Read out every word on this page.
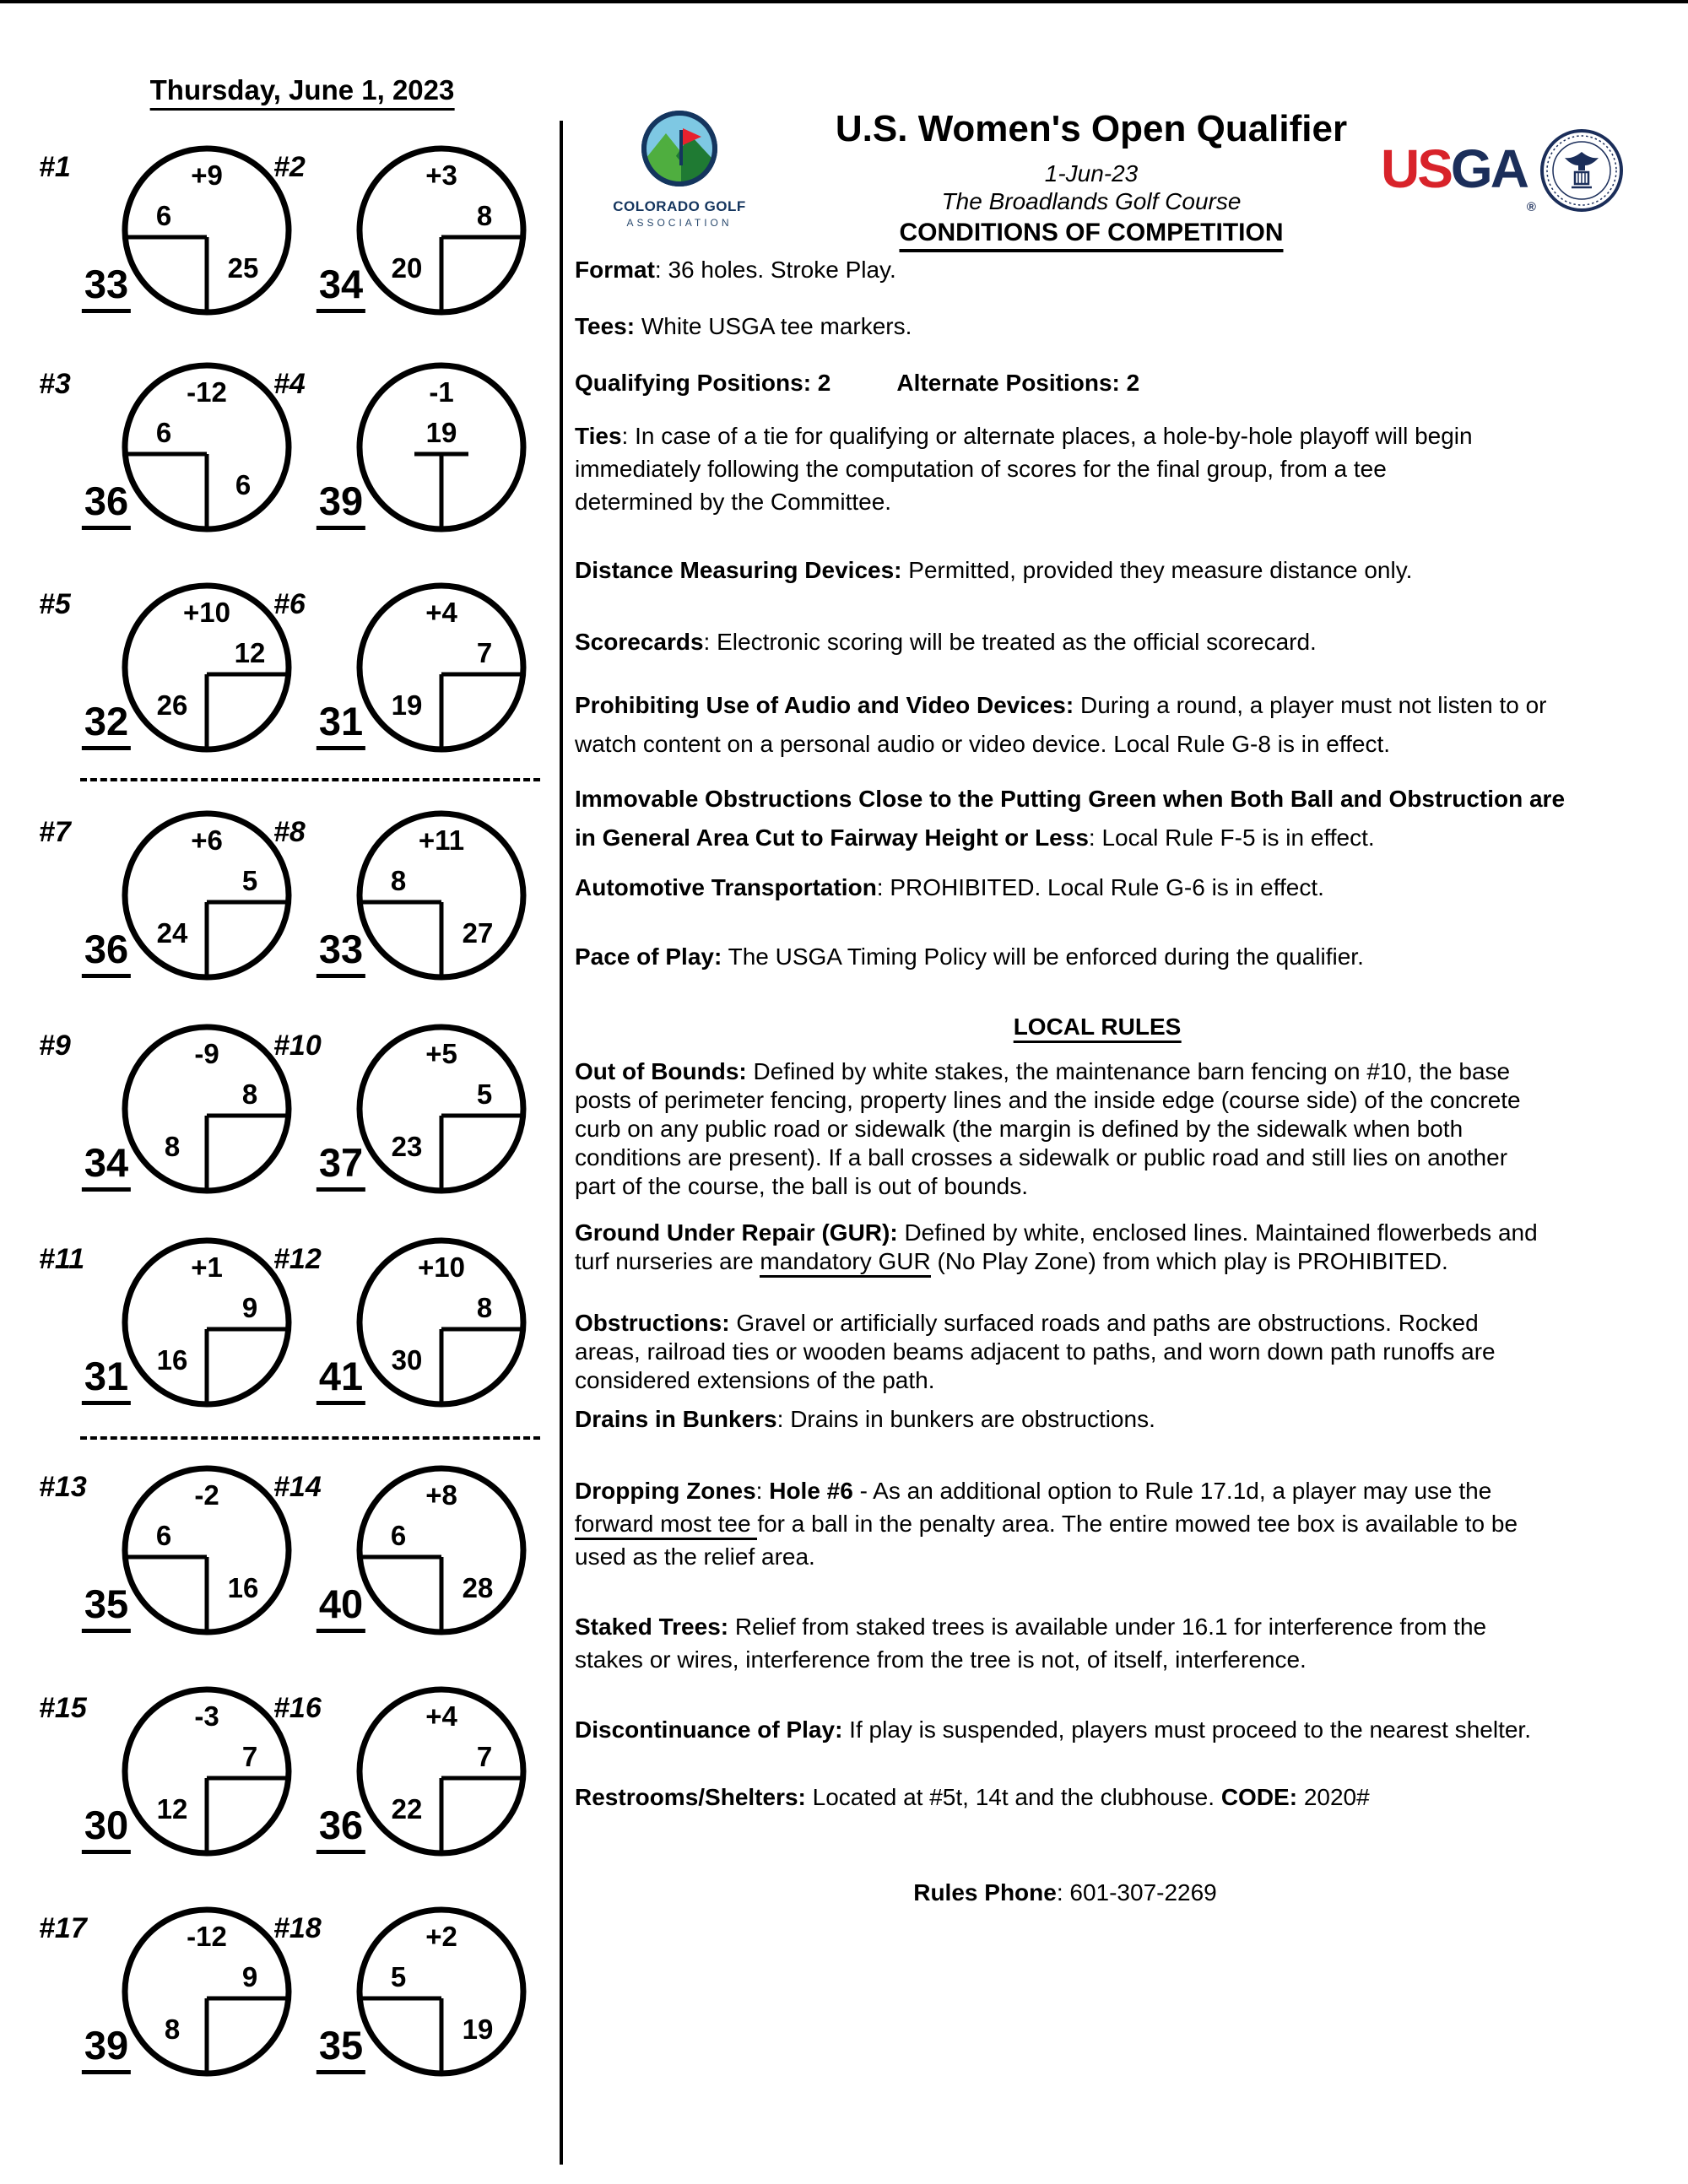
Thursday, June 1, 2023
#1	+9
6
25
33
#2	+3
8
20
34
#3	-12
6
6
36
#4	-1
19
39
#5	+10
12
26
32
#6	+4
7
19
31
#7	+6
5
24
36
#8	+11
8
27
33
#9	-9
8
8
34
#10	+5
5
23
37
#11	+1
9
16
31
#12	+10
8
30
41
#13	-2
6
16
35
#14	+8
6
28
40
#15	-3
7
12
30
#16	+4
7
22
36
#17	-12
9
8
39
#18	+2
5
19
35
COLORADO GOLF
ASSOCIATION
U.S. Women's Open Qualifier
1-Jun-23
The Broadlands Golf Course
CONDITIONS OF COMPETITION
$USGA_®$
Format: 36 holes. Stroke Play.
Tees: White USGA tee markers.
Qualifying Positions: 2	Alternate Positions: 2
Ties: In case of a tie for qualifying or alternate places, a hole-by-hole playoff will begin
immediately following the computation of scores for the final group, from a tee
determined by the Committee.
Distance Measuring Devices: Permitted, provided they measure distance only.
Scorecards: Electronic scoring will be treated as the official scorecard.
Prohibiting Use of Audio and Video Devices: During a round, a player must not listen to or
watch content on a personal audio or video device. Local Rule G-8 is in effect.
Immovable Obstructions Close to the Putting Green when Both Ball and Obstruction are
in General Area Cut to Fairway Height or Less: Local Rule F-5 is in effect.
Automotive Transportation: PROHIBITED. Local Rule G-6 is in effect.
Pace of Play: The USGA Timing Policy will be enforced during the qualifier.
LOCAL RULES
Out of Bounds: Defined by white stakes, the maintenance barn fencing on #10, the base
posts of perimeter fencing, property lines and the inside edge (course side) of the concrete
curb on any public road or sidewalk (the margin is defined by the sidewalk when both
conditions are present). If a ball crosses a sidewalk or public road and still lies on another
part of the course, the ball is out of bounds.
Ground Under Repair (GUR): Defined by white, enclosed lines. Maintained flowerbeds and
turf nurseries are mandatory GUR (No Play Zone) from which play is PROHIBITED.
Obstructions: Gravel or artificially surfaced roads and paths are obstructions. Rocked
areas, railroad ties or wooden beams adjacent to paths, and worn down path runoffs are
considered extensions of the path.
Drains in Bunkers: Drains in bunkers are obstructions.
Dropping Zones: Hole #6 - As an additional option to Rule 17.1d, a player may use the
forward most tee for a ball in the penalty area. The entire mowed tee box is available to be
used as the relief area.
Staked Trees: Relief from staked trees is available under 16.1 for interference from the
stakes or wires, interference from the tree is not, of itself, interference.
Discontinuance of Play: If play is suspended, players must proceed to the nearest shelter.
Restrooms/Shelters: Located at #5t, 14t and the clubhouse. CODE: 2020#
Rules Phone: 601-307-2269
